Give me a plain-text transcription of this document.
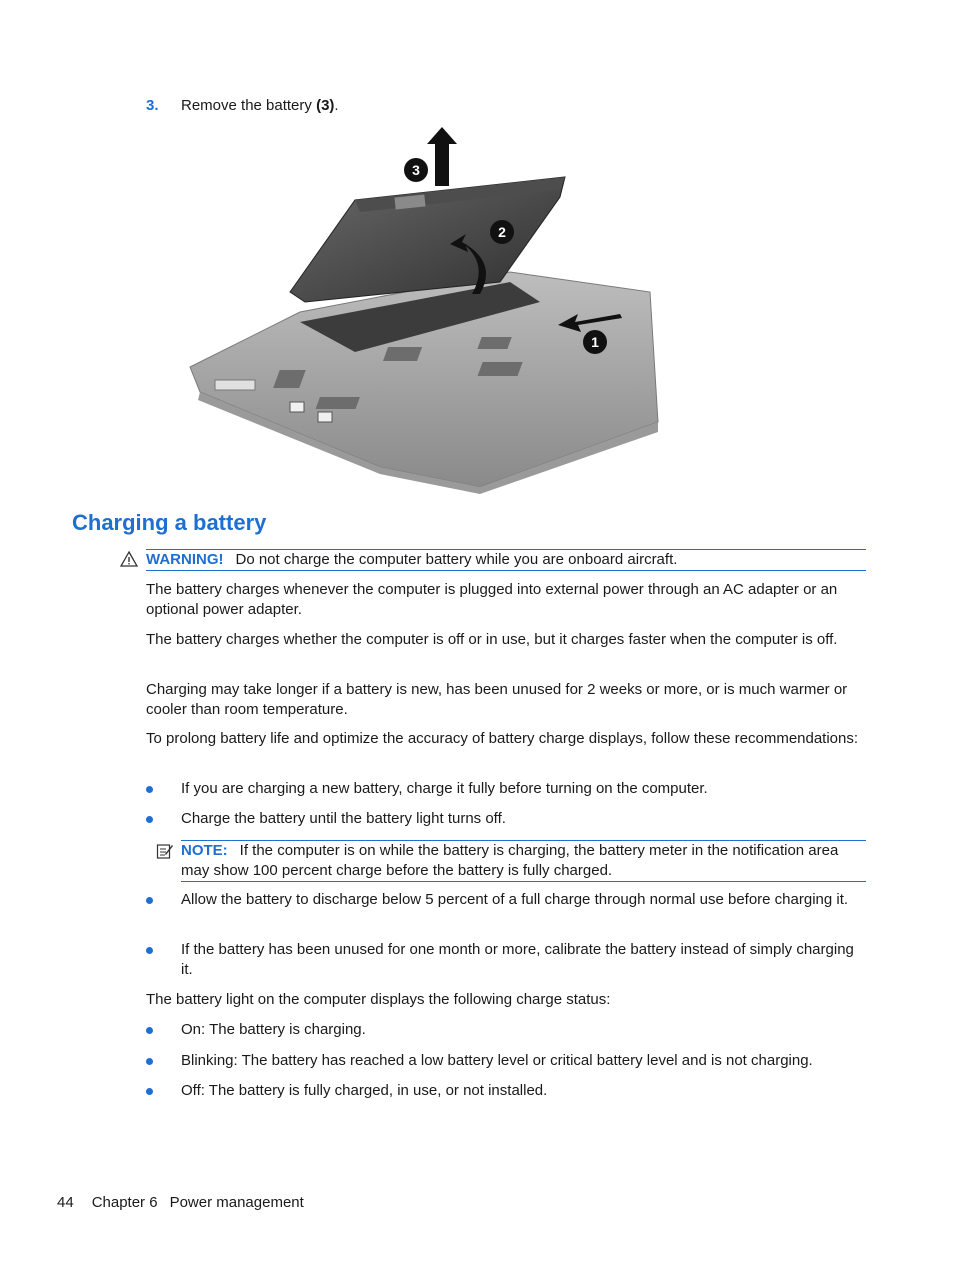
3. Remove the battery (3).
3
2
1
Charging a battery
WARNING! Do not charge the computer battery while you are onboard aircraft.

The battery charges whenever the computer is plugged into external power through an AC adapter or an optional power adapter.

The battery charges whether the computer is off or in use, but it charges faster when the computer is off.

Charging may take longer if a battery is new, has been unused for 2 weeks or more, or is much warmer or cooler than room temperature.

To prolong battery life and optimize the accuracy of battery charge displays, follow these recommendations:

If you are charging a new battery, charge it fully before turning on the computer.
Charge the battery until the battery light turns off.
NOTE: If the computer is on while the battery is charging, the battery meter in the notification area may show 100 percent charge before the battery is fully charged.
Allow the battery to discharge below 5 percent of a full charge through normal use before charging it.
If the battery has been unused for one month or more, calibrate the battery instead of simply charging it.

The battery light on the computer displays the following charge status:

On: The battery is charging.
Blinking: The battery has reached a low battery level or critical battery level and is not charging.
Off: The battery is fully charged, in use, or not installed.
44 Chapter 6 Power management
